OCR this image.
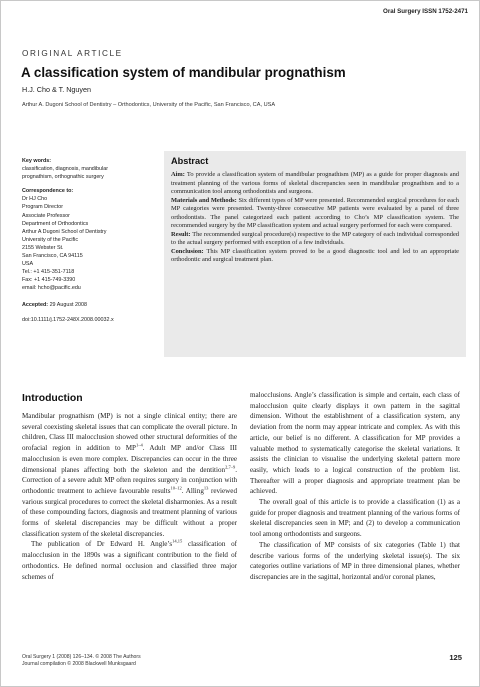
Oral Surgery ISSN 1752-2471
ORIGINAL ARTICLE
A classification system of mandibular prognathism
H.J. Cho & T. Nguyen
Arthur A. Dugoni School of Dentistry – Orthodontics, University of the Pacific, San Francisco, CA, USA
Key words:
classification, diagnosis, mandibular
prognathism, orthognathic surgery
Correspondence to:
Dr HJ Cho
Program Director
Associate Professor
Department of Orthodontics
Arthur A Dugoni School of Dentistry
University of the Pacific
2155 Webster St.
San Francisco, CA 94115
USA
Tel.: +1 415-351-7118
Fax: +1 415-749-3390
email: hcho@pacific.edu
Accepted: 29 August 2008
doi:10.1111/j.1752-248X.2008.00032.x
Abstract

Aim: To provide a classification system of mandibular prognathism (MP) as a guide for proper diagnosis and treatment planning of the various forms of skeletal discrepancies seen in mandibular prognathism and to a communication tool among orthodontists and surgeons.

Materials and Methods: Six different types of MP were presented. Recommended surgical procedures for each MP categories were presented. Twenty-three consecutive MP patients were evaluated by a panel of three orthodontists. The panel categorized each patient according to Cho’s MP classification system. The recommended surgery by the MP classification system and actual surgery performed for each were compared.

Result: The recommended surgical procedure(s) respective to the MP category of each individual corresponded to the actual surgery performed with exception of a few individuals.

Conclusion: This MP classification system proved to be a good diagnostic tool and led to an appropriate orthodontic and surgical treatment plan.

Introduction

Mandibular prognathism (MP) is not a single clinical entity; there are several coexisting skeletal issues that can complicate the overall picture. In children, Class III malocclusion showed other structural deformities of the orofacial region in addition to MP$^{1-4}$. Adult MP and/or Class III malocclusion is even more complex. Discrepancies can occur in the three dimensional planes affecting both the skeleton and the dentition$^{2,7-9}$. Correction of a severe adult MP often requires surgery in conjunction with orthodontic treatment to achieve favourable results$^{10-12}$. Alling$^{13}$ reviewed various surgical procedures to correct the skeletal disharmonies. As a result of these compounding factors, diagnosis and treatment planning of various forms of skeletal discrepancies may be difficult without a proper classification system of the skeletal discrepancies.

The publication of Dr Edward H. $Angle’s^{14,15}$ classification of malocclusion in the 1890s was a significant contribution to the field of orthodontics. He defined normal occlusion and classified three major schemes of

malocclusions. Angle’s classification is simple and certain, each class of malocclusion quite clearly displays it own pattern in the sagittal dimension. Without the establishment of a classification system, any deviation from the norm may appear intricate and complex. As with this article, our belief is no different. A classification for MP provides a valuable method to systematically categorise the skeletal variations. It assists the clinician to visualise the underlying skeletal pattern more easily, which leads to a logical construction of the problem list. Thereafter will a proper diagnosis and appropriate treatment plan be achieved.

The overall goal of this article is to provide a classification (1) as a guide for proper diagnosis and treatment planning of the various forms of skeletal discrepancies seen in MP; and (2) to develop a communication tool among orthodontists and surgeons.

The classification of MP consists of six categories (Table 1) that describe various forms of the underlying skeletal issue(s). The six categories outline variations of MP in three dimensional planes, whether discrepancies are in the sagittal, horizontal and/or coronal planes,

Oral Surgery 1 (2008) 126–134. © 2008 The Authors
Journal compilation © 2008 Blackwell Munksgaard
125
